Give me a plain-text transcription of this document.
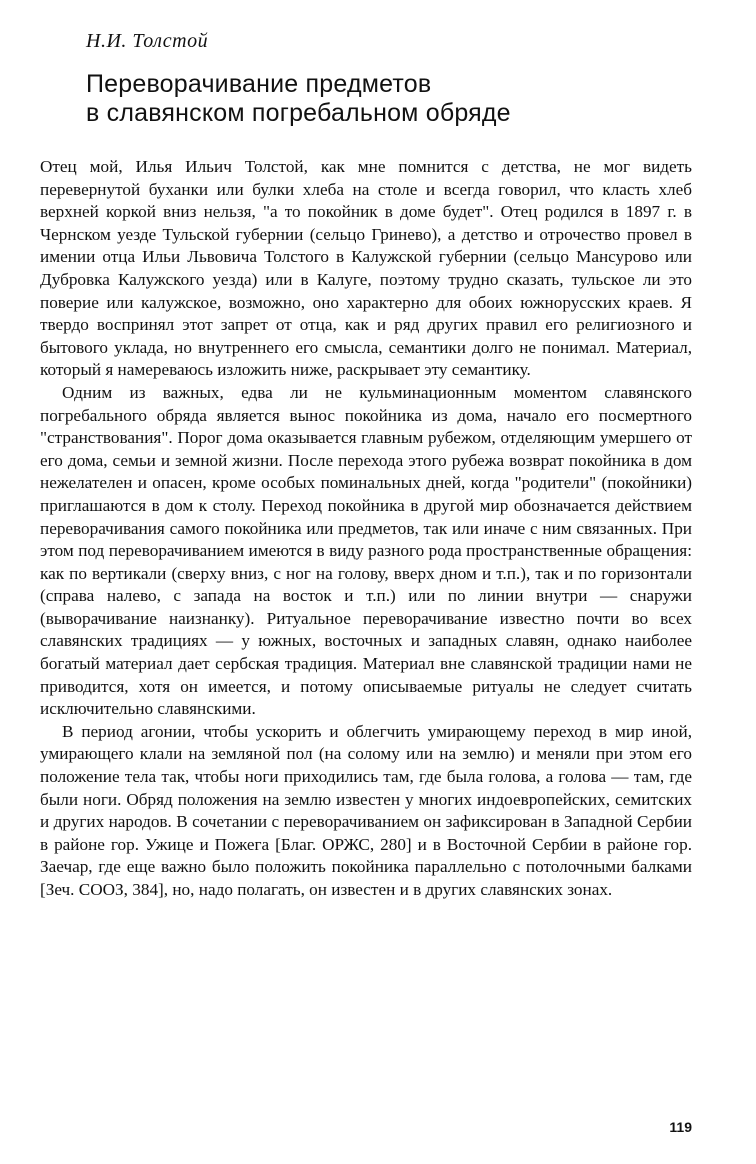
Н.И. Толстой
Переворачивание предметов
в славянском погребальном обряде

Отец мой, Илья Ильич Толстой, как мне помнится с детства, не мог видеть перевернутой буханки или булки хлеба на столе и всегда говорил, что класть хлеб верхней коркой вниз нельзя, "а то покойник в доме будет". Отец родился в 1897 г. в Чернском уезде Тульской губернии (сельцо Гринево), а детство и отрочество провел в имении отца Ильи Львовича Толстого в Калужской губернии (сельцо Мансурово или Дубровка Калужского уезда) или в Калуге, поэтому трудно сказать, тульское ли это поверие или калужское, возможно, оно характерно для обоих южнорусских краев. Я твердо воспринял этот запрет от отца, как и ряд других правил его религиозного и бытового уклада, но внутреннего его смысла, семантики долго не понимал. Материал, который я намереваюсь изложить ниже, раскрывает эту семантику.

Одним из важных, едва ли не кульминационным моментом славянского погребального обряда является вынос покойника из дома, начало его посмертного "странствования". Порог дома оказывается главным рубежом, отделяющим умершего от его дома, семьи и земной жизни. После перехода этого рубежа возврат покойника в дом нежелателен и опасен, кроме особых поминальных дней, когда "родители" (покойники) приглашаются в дом к столу. Переход покойника в другой мир обозначается действием переворачивания самого покойника или предметов, так или иначе с ним связанных. При этом под переворачиванием имеются в виду разного рода пространственные обращения: как по вертикали (сверху вниз, с ног на голову, вверх дном и т.п.), так и по горизонтали (справа налево, с запада на восток и т.п.) или по линии внутри — снаружи (выворачивание наизнанку). Ритуальное переворачивание известно почти во всех славянских традициях — у южных, восточных и западных славян, однако наиболее богатый материал дает сербская традиция. Материал вне славянской традиции нами не приводится, хотя он имеется, и потому описываемые ритуалы не следует считать исключительно славянскими.

В период агонии, чтобы ускорить и облегчить умирающему переход в мир иной, умирающего клали на земляной пол (на солому или на землю) и меняли при этом его положение тела так, чтобы ноги приходились там, где была голова, а голова — там, где были ноги. Обряд положения на землю известен у многих индоевропейских, семитских и других народов. В сочетании с переворачиванием он зафиксирован в Западной Сербии в районе гор. Ужице и Пожега [Благ. ОРЖС, 280] и в Восточной Сербии в районе гор. Заечар, где еще важно было положить покойника параллельно с потолочными балками [Зеч. СООЗ, 384], но, надо полагать, он известен и в других славянских зонах.

119
